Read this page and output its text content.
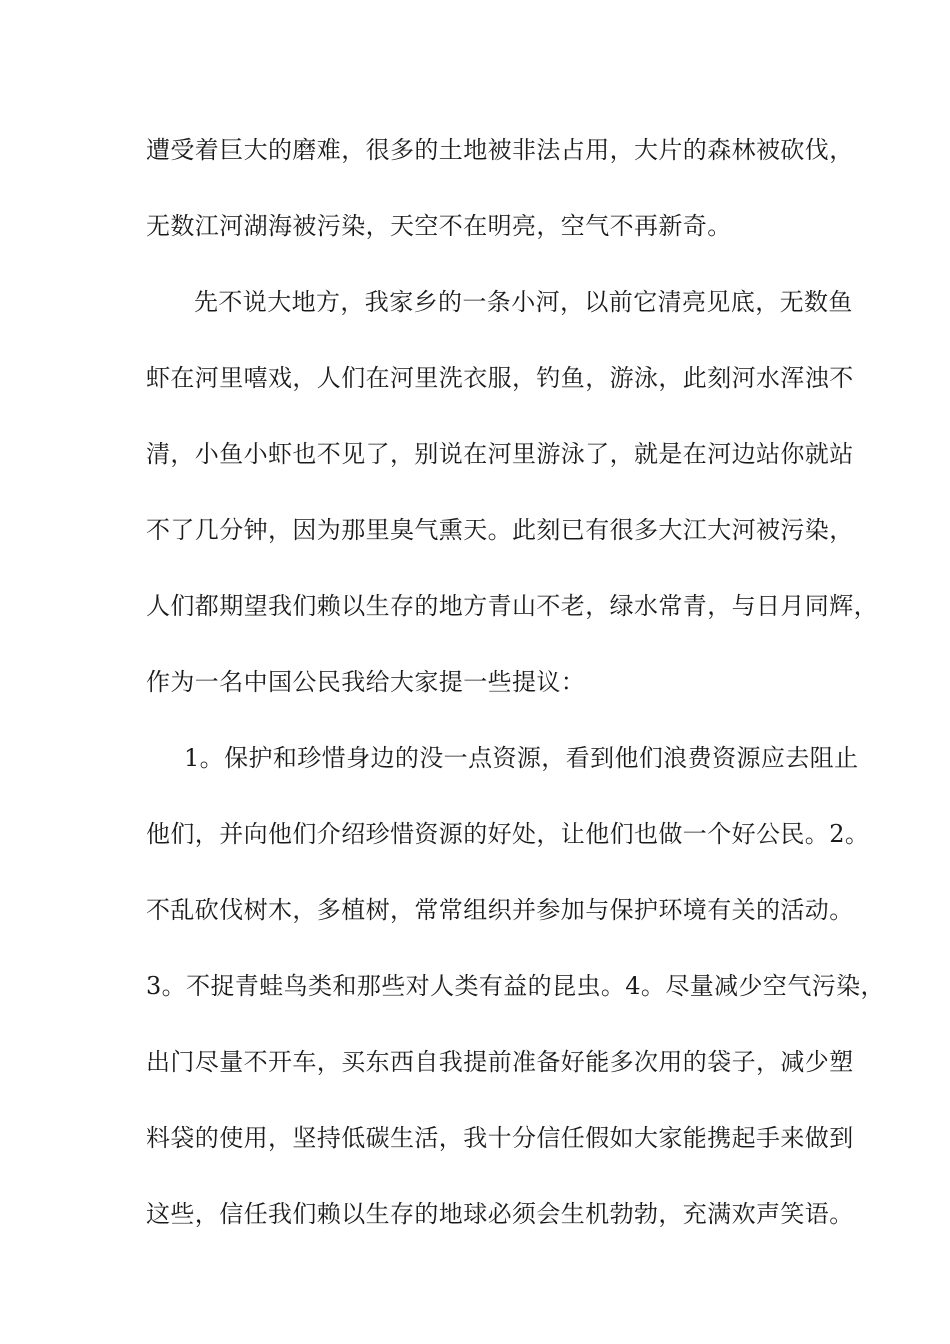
遭受着巨大的磨难，很多的土地被非法占用，大片的森林被砍伐，
无数江河湖海被污染，天空不在明亮，空气不再新奇。
先不说大地方，我家乡的一条小河，以前它清亮见底，无数鱼
虾在河里嘻戏，人们在河里洗衣服，钓鱼，游泳，此刻河水浑浊不
清，小鱼小虾也不见了，别说在河里游泳了，就是在河边站你就站
不了几分钟，因为那里臭气熏天。此刻已有很多大江大河被污染，
人们都期望我们赖以生存的地方青山不老，绿水常青，与日月同辉，
作为一名中国公民我给大家提一些提议：
1。保护和珍惜身边的没一点资源，看到他们浪费资源应去阻止
他们，并向他们介绍珍惜资源的好处，让他们也做一个好公民。2。
不乱砍伐树木，多植树，常常组织并参加与保护环境有关的活动。
3。不捉青蛙鸟类和那些对人类有益的昆虫。4。尽量减少空气污染，
出门尽量不开车，买东西自我提前准备好能多次用的袋子，减少塑
料袋的使用，坚持低碳生活，我十分信任假如大家能携起手来做到
这些，信任我们赖以生存的地球必须会生机勃勃，充满欢声笑语。
